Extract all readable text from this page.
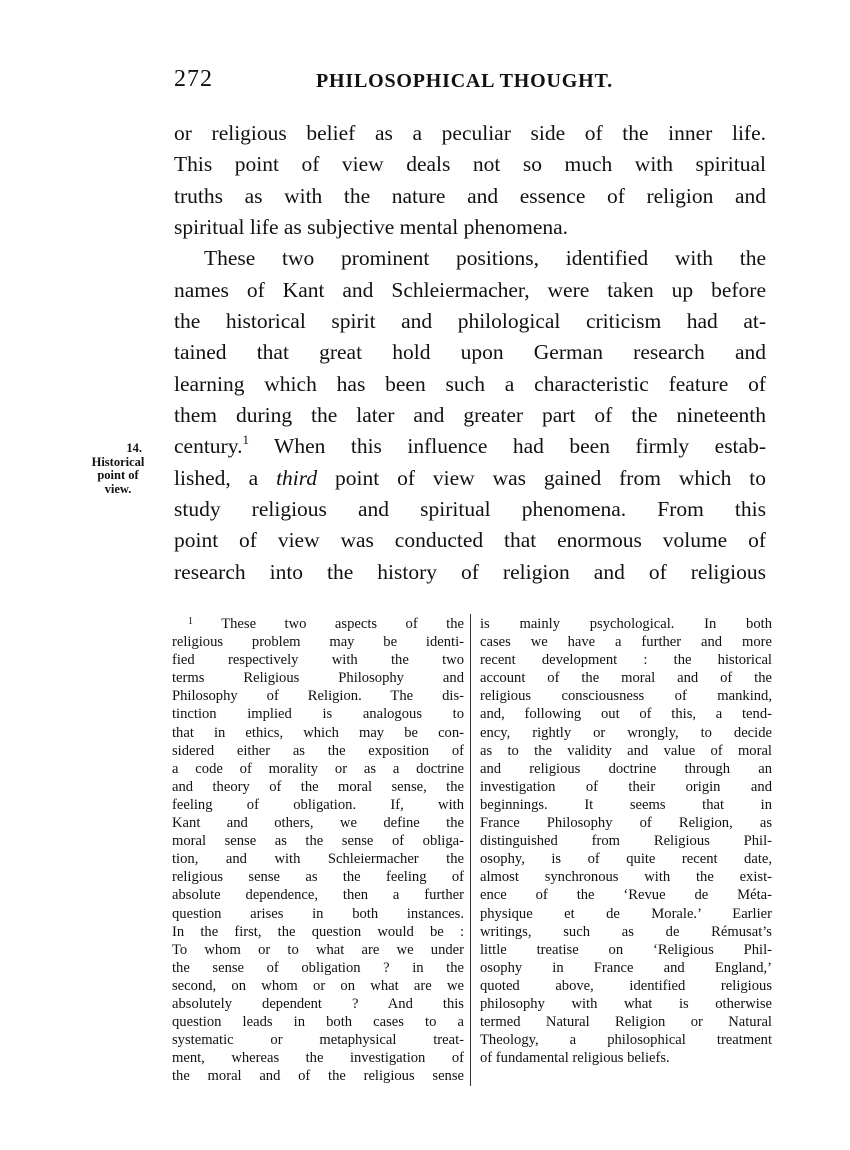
272	PHILOSOPHICAL THOUGHT.
or religious belief as a peculiar side of the inner life.
This point of view deals not so much with spiritual
truths as with the nature and essence of religion and
spiritual life as subjective mental phenomena.
These two prominent positions, identified with the
names of Kant and Schleiermacher, were taken up before
the historical spirit and philological criticism had at-
tained that great hold upon German research and
learning which has been such a characteristic feature of
them during the later and greater part of the nineteenth
century.$^1$ When this influence had been firmly estab-
lished, a third point of view was gained from which to
study religious and spiritual phenomena. From this
point of view was conducted that enormous volume of
research into the history of religion and of religious
14.
Historical
point of
view.
$^1$ These two aspects of the
religious problem may be identi-
fied respectively with the two
terms Religious Philosophy and
Philosophy of Religion. The dis-
tinction implied is analogous to
that in ethics, which may be con-
sidered either as the exposition of
a code of morality or as a doctrine
and theory of the moral sense, the
feeling of obligation. If, with
Kant and others, we define the
moral sense as the sense of obliga-
tion, and with Schleiermacher the
religious sense as the feeling of
absolute dependence, then a further
question arises in both instances.
In the first, the question would be :
To whom or to what are we under
the sense of obligation ? in the
second, on whom or on what are we
absolutely dependent ? And this
question leads in both cases to a
systematic or metaphysical treat-
ment, whereas the investigation of
the moral and of the religious sense
is mainly psychological. In both
cases we have a further and more
recent development : the historical
account of the moral and of the
religious consciousness of mankind,
and, following out of this, a tend-
ency, rightly or wrongly, to decide
as to the validity and value of moral
and religious doctrine through an
investigation of their origin and
beginnings. It seems that in
France Philosophy of Religion, as
distinguished from Religious Phil-
osophy, is of quite recent date,
almost synchronous with the exist-
ence of the ‘Revue de Méta-
physique et de Morale.’ Earlier
writings, such as de Rémusat’s
little treatise on ‘Religious Phil-
osophy in France and England,’
quoted above, identified religious
philosophy with what is otherwise
termed Natural Religion or Natural
Theology, a philosophical treatment
of fundamental religious beliefs.
